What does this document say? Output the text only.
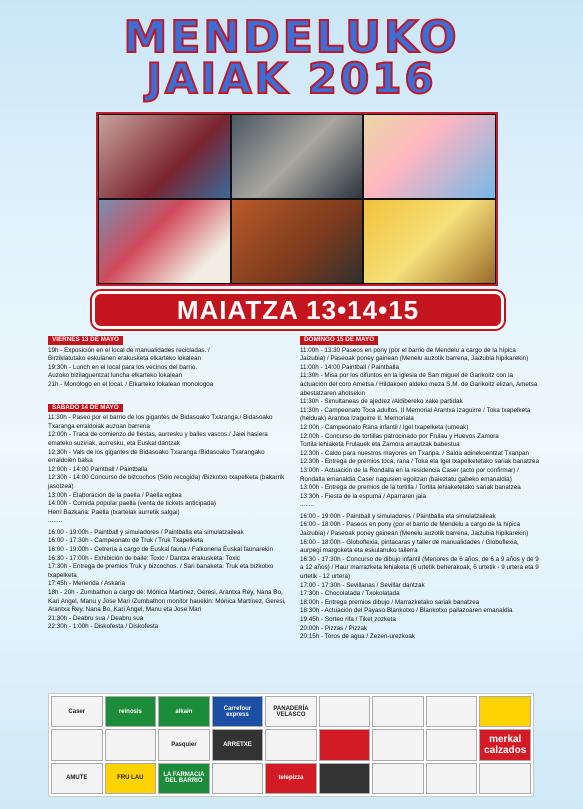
MENDELUKO
JAIAK 2016
MAIATZA 13•14•15
VIERNES 13 DE MAYO
19h - Exposición en el local de manualidades recicladas. /
Birziklatutako eskulanen erakusketa elkarteko lokalean
19:30h - Lunch en el local para los vecinos del barrio.
Auzoko bizilaguentzat luncha elkarteko lokalean
21h - Monólogo en el local. / Elkarteko lokalean monologoa
SÁBADO 14 DE MAYO
11:30h - Paseo por el barrio de los gigantes de Bidasoako Txaranga./ Bidasoako Txaranga erraldoiak auzoan barrena
12:00h - Traca de comienzo de fiestas, aurresku y bailes vascos./ Jaiei hasiera emateko suziriak, aurresku, eta Euskal dantzak
12:30h - Vals de los gigantes de Bidasoako Txaranga /Bidasoako Txarangako erraldoien balsa
12:00h - 14:00 Paintball / Paintballa
12:30h - 14:00 Concurso de bizcochos (Sólo recogida) /Bizkotxo txapelketa (bakarrik jasotzea)
13:00h - Elaboración de la paella / Paella egitea
14:00h - Comida popular paella (venta de tickets anticipada)
Herri Bazkaria: Paella (txartelak aurretik salgai)
........
16:00 - 19:00h - Paintball y simuladores / Paintballa eta simulatzaileak
16:00 - 17:30h - Campeonato de Truk / Truk Txapelketa
16:00 - 19:00h - Cetrería a cargo de Euskal fauna / Falkoneria Euskal faunarekin
16:30 - 17:00h - Exhibición de baile: Toxic / Dantza erakusketa: Toxic
17:30h - Entrega de premios Truk y bizcochos. / Sari banaketa: Truk eta bizkotxo txapelketa
17:45h - Merienda / Askaria
18h - 20h - Zumbathon a cargo de: Mónica Martínez, Geresi, Arantxa Rey, Nana Bo, Kari Angel, Manu y Jose Mari /Zumbathon monitor hauekin: Mónica Martínez, Geresi, Arantxa Rey, Nana Bo, Kari Angel, Manu eta Jose Mari
21:30h - Deabru sua / Deabru sua
22:30h - 1:00h - Diskofesta / Diskofesta
DOMINGO 15 DE MAYO
11:00h - 13:30 Paseos en pony (por el barrio de Mendelu a cargo de la hípica Jaizubia) / Paseoak poney gainean (Menelu auzotik barrena, Jaizubia hipikarekin)
11:00h - 14:00 Paintball / Paintballa
11:30h - Misa por los difuntos en la iglesia de San miguel de Garikoitz con la actuación del coro Ametsa / Hildakoen aldeko meza S.M. de Garikoitz elizan, Ametsa abestatzaren ahotsekin
11:30h - Simultaneas de ajedrez /Aldibereko xake partidak
11:30h - Campeonato Toca adultos. II Memorial Arantxa Izaguirre / Toka txapelketa (helduak) Arantxa Izaguirre II. Memoriala
12:00h - Campeonato Rana infantil / Igel txapelketa (umeak)
12:00h - Concurso de tortillas patrocinado por Frulau y Huevos Zamora
Tortila lehiaketa Frulauek eta Zamora arrautzak babestua
12:30h - Caldo para nuestros mayores en Txanpa. / Salda adinekoentzat Txanpan
12:30h - Entrega de premios toca, rana / Toka eta Igel txapelketetako sariak banatzea
13:00h - Actuación de la Rondalla en la residencia Caser (acto por confirmar) /
Rondalla emanaldia Caser nagusien egoitzan (baieztatu gabeko emanaldia)
13:00h - Entrega de premios de la tortilla / Tortila lehiaketetako sariak banatzea
13:30h - Fiesta de la espuma / Aparraren jaia
........
16:00 - 19:00h - Paintball y simuladores / Paintballa eta simulatzaileak
16:00 - 18:00h - Paseos en pony (por el barrio de Mendelu a cargo de la hípica Jaizubia) / Paseoak poney gainean (Menelu auzotik barrena, Jaizubia hipikarekin)
16:00 - 18:00h - Globoflexia, pintacaras y taller de manualidades / Globoflexia, aurpegi margoketa eta eskulanuko tailerra
16:30 - 17:30h - Concurso de dibujo infantil (Menores de 6 años, de 6 a 9 años y de 9 a 12 años) / Haur marrazketa lehiaketa (6 urtetik beherakoak, 6 urtetik - 9 urtera eta 9 urtetik - 12 urtera)
17:00 - 17:30h - Sevillanas / Sevillar dantzak
17:30h - Chocolatada / Txokolatada
18:00h - Entrega premios dibujo / Marrazketako sariak banatzea
18:30h - Actuación del Payaso Blankotxo / Blankotxo pailazoaren emanaldia
19:45h - Sorteo rifa / Tiket zozketa
20:00h - Pizzas / Pizzak
20:15h - Toros de agua / Zezen-urezkoak
Caser	reinosis	alkain	Carrefour express
PANADERÍA VELASCO
Pasquier	ARRETXE	merkal calzados
AMUTE	FRU LAU	LA FARMACIA DEL BARRIO	telepizza
